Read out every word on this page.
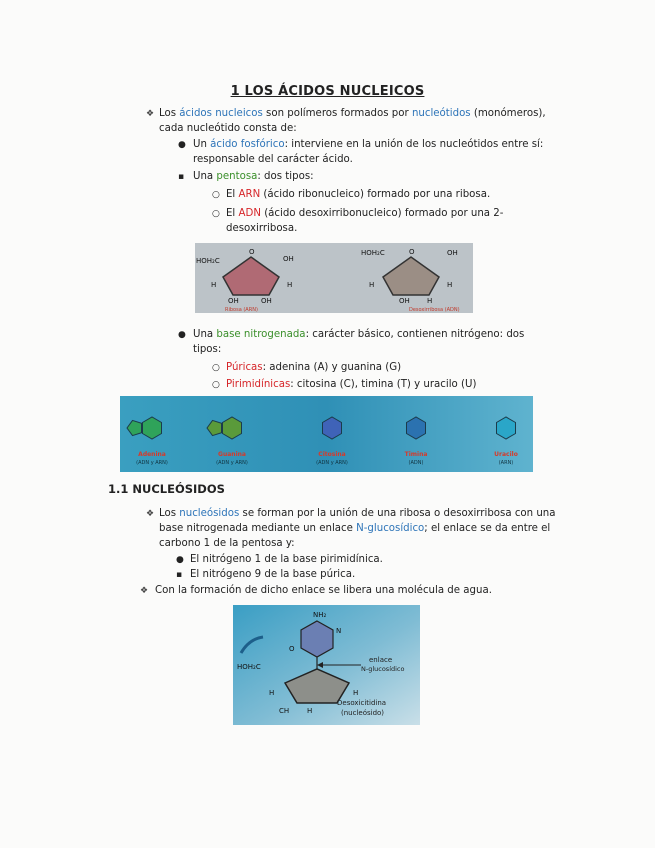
1 LOS ÁCIDOS NUCLEICOS
❖ Los ácidos nucleicos son polímeros formados por nucleótidos (monómeros),
cada nucleótido consta de:
● Un ácido fosfórico: interviene en la unión de los nucleótidos entre sí:
responsable del carácter ácido.
▪ Una pentosa: dos tipos:
○ El ARN (ácido ribonucleico) formado por una ribosa.
○ El ADN (ácido desoxirribonucleico) formado por una 2-
desoxirribosa.
HOH₂C
O
OH
H	H
OH	OH
Ribosa (ARN)
HOH₂C	O	OH
H	H
OH H
Desoxirribosa (ADN)
● Una base nitrogenada: carácter básico, contienen nitrógeno: dos
tipos:
○ Púricas: adenina (A) y guanina (G)
○ Pirimidínicas: citosina (C), timina (T) y uracilo (U)
Adenina
(ADN y ARN)
Guanina
(ADN y ARN)
Citosina
(ADN y ARN)
Timina
(ADN)
Uracilo
(ARN)
1.1 NUCLEÓSIDOS
❖ Los nucleósidos se forman por la unión de una ribosa o desoxirribosa con una
base nitrogenada mediante un enlace N-glucosídico; el enlace se da entre el
carbono 1 de la pentosa y:
● El nitrógeno 1 de la base pirimidínica.
▪ El nitrógeno 9 de la base púrica.
❖ Con la formación de dicho enlace se libera una molécula de agua.
NH₂
N
O
HOH₂C
H	H
CH	H
enlace
N-glucosídico
Desoxicitidina
(nucleósido)
